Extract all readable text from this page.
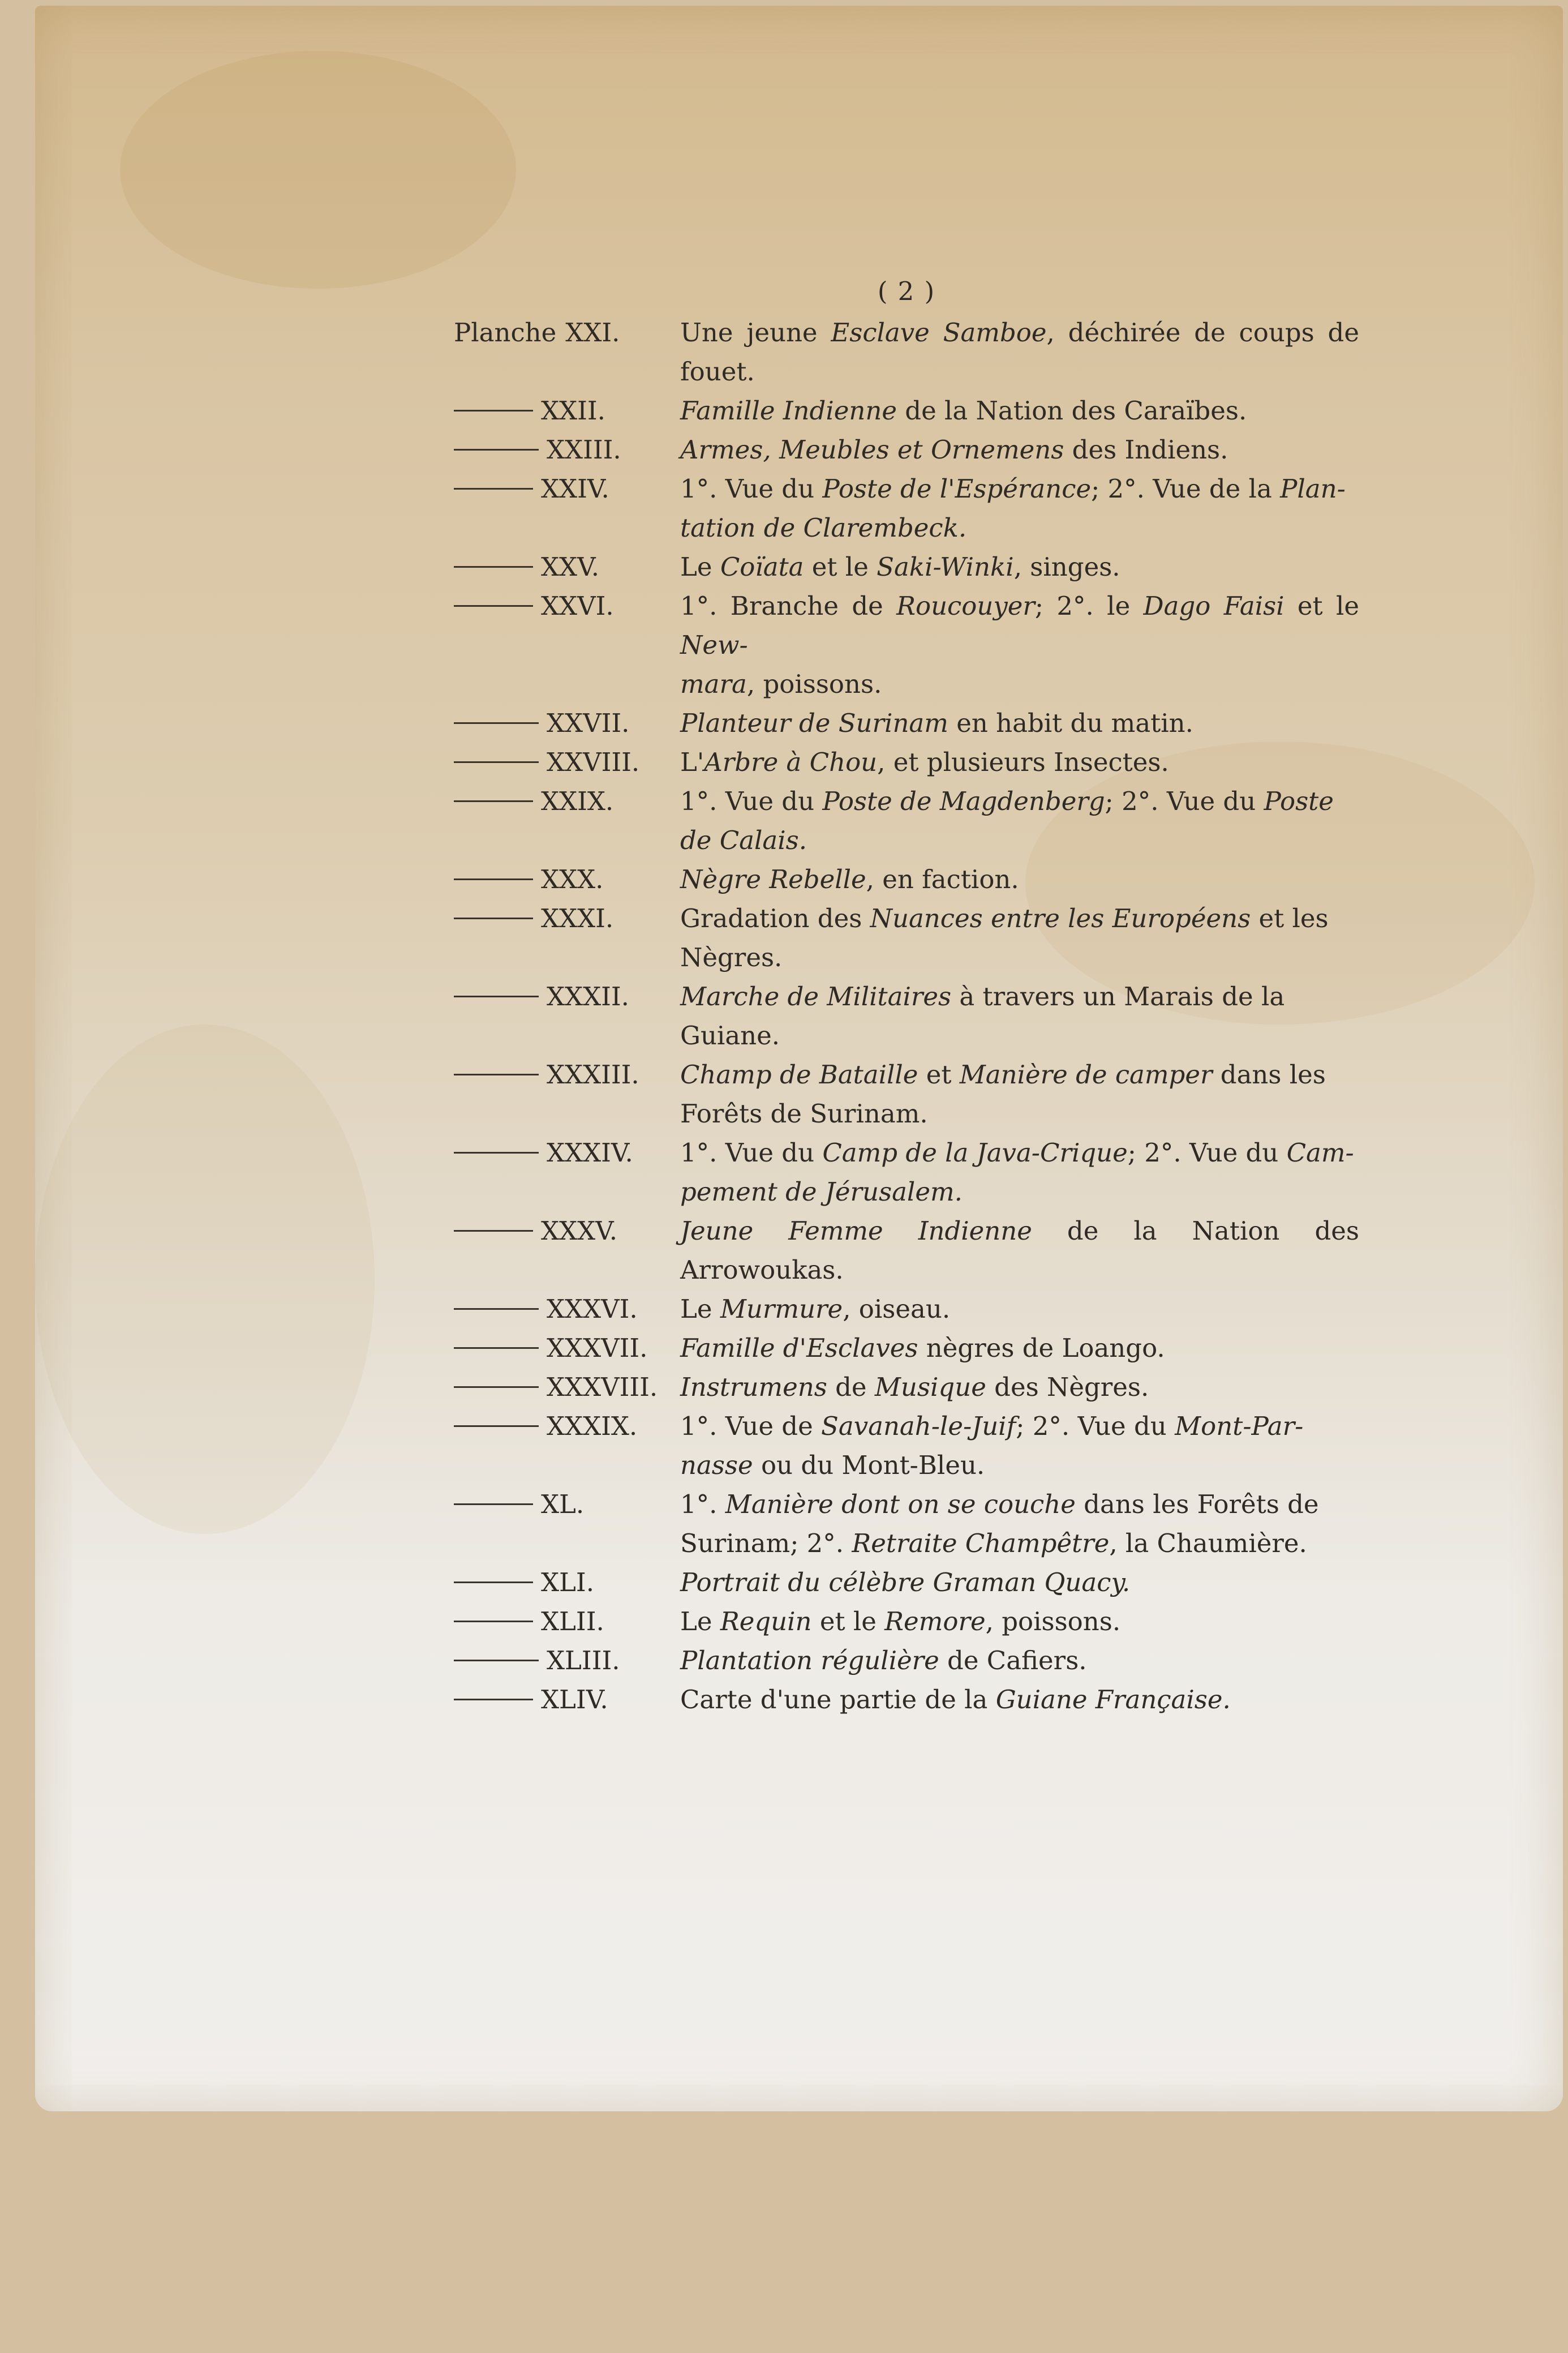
( 2 )
Planche XXI. Une jeune Esclave Samboe, déchirée de coups de fouet.
XXII.	Famille Indienne de la Nation des Caraïbes.
XXIII. Armes, Meubles et Ornemens des Indiens.
XXIV.	1°. Vue du Poste de l'Espérance; 2°. Vue de la Plan-
tation de Clarembeck.
XXV.	Le Coïata et le Saki-Winki, singes.
XXVI.	1°. Branche de Roucouyer; 2°. le Dago Faisi et le New-
mara, poissons.
XXVII. Planteur de Surinam en habit du matin.
XXVIII. L'Arbre à Chou, et plusieurs Insectes.
XXIX.	1°. Vue du Poste de Magdenberg; 2°. Vue du Poste
de Calais.
XXX.	Nègre Rebelle, en faction.
XXXI.	Gradation des Nuances entre les Européens et les
Nègres.
XXXII. Marche de Militaires à travers un Marais de la
Guiane.
XXXIII. Champ de Bataille et Manière de camper dans les
Forêts de Surinam.
XXXIV. 1°. Vue du Camp de la Java-Crique; 2°. Vue du Cam-
pement de Jérusalem.
XXXV. Jeune Femme Indienne de la Nation des Arrowoukas.
XXXVI. Le Murmure, oiseau.
XXXVII. Famille d'Esclaves nègres de Loango.
XXXVIII. Instrumens de Musique des Nègres.
XXXIX. 1°. Vue de Savanah-le-Juif; 2°. Vue du Mont-Par-
nasse ou du Mont-Bleu.
XL.	1°. Manière dont on se couche dans les Forêts de
Surinam; 2°. Retraite Champêtre, la Chaumière.
XLI.	Portrait du célèbre Graman Quacy.
XLII.	Le Requin et le Remore, poissons.
XLIII. Plantation régulière de Cafiers.
XLIV.	Carte d'une partie de la Guiane Française.
